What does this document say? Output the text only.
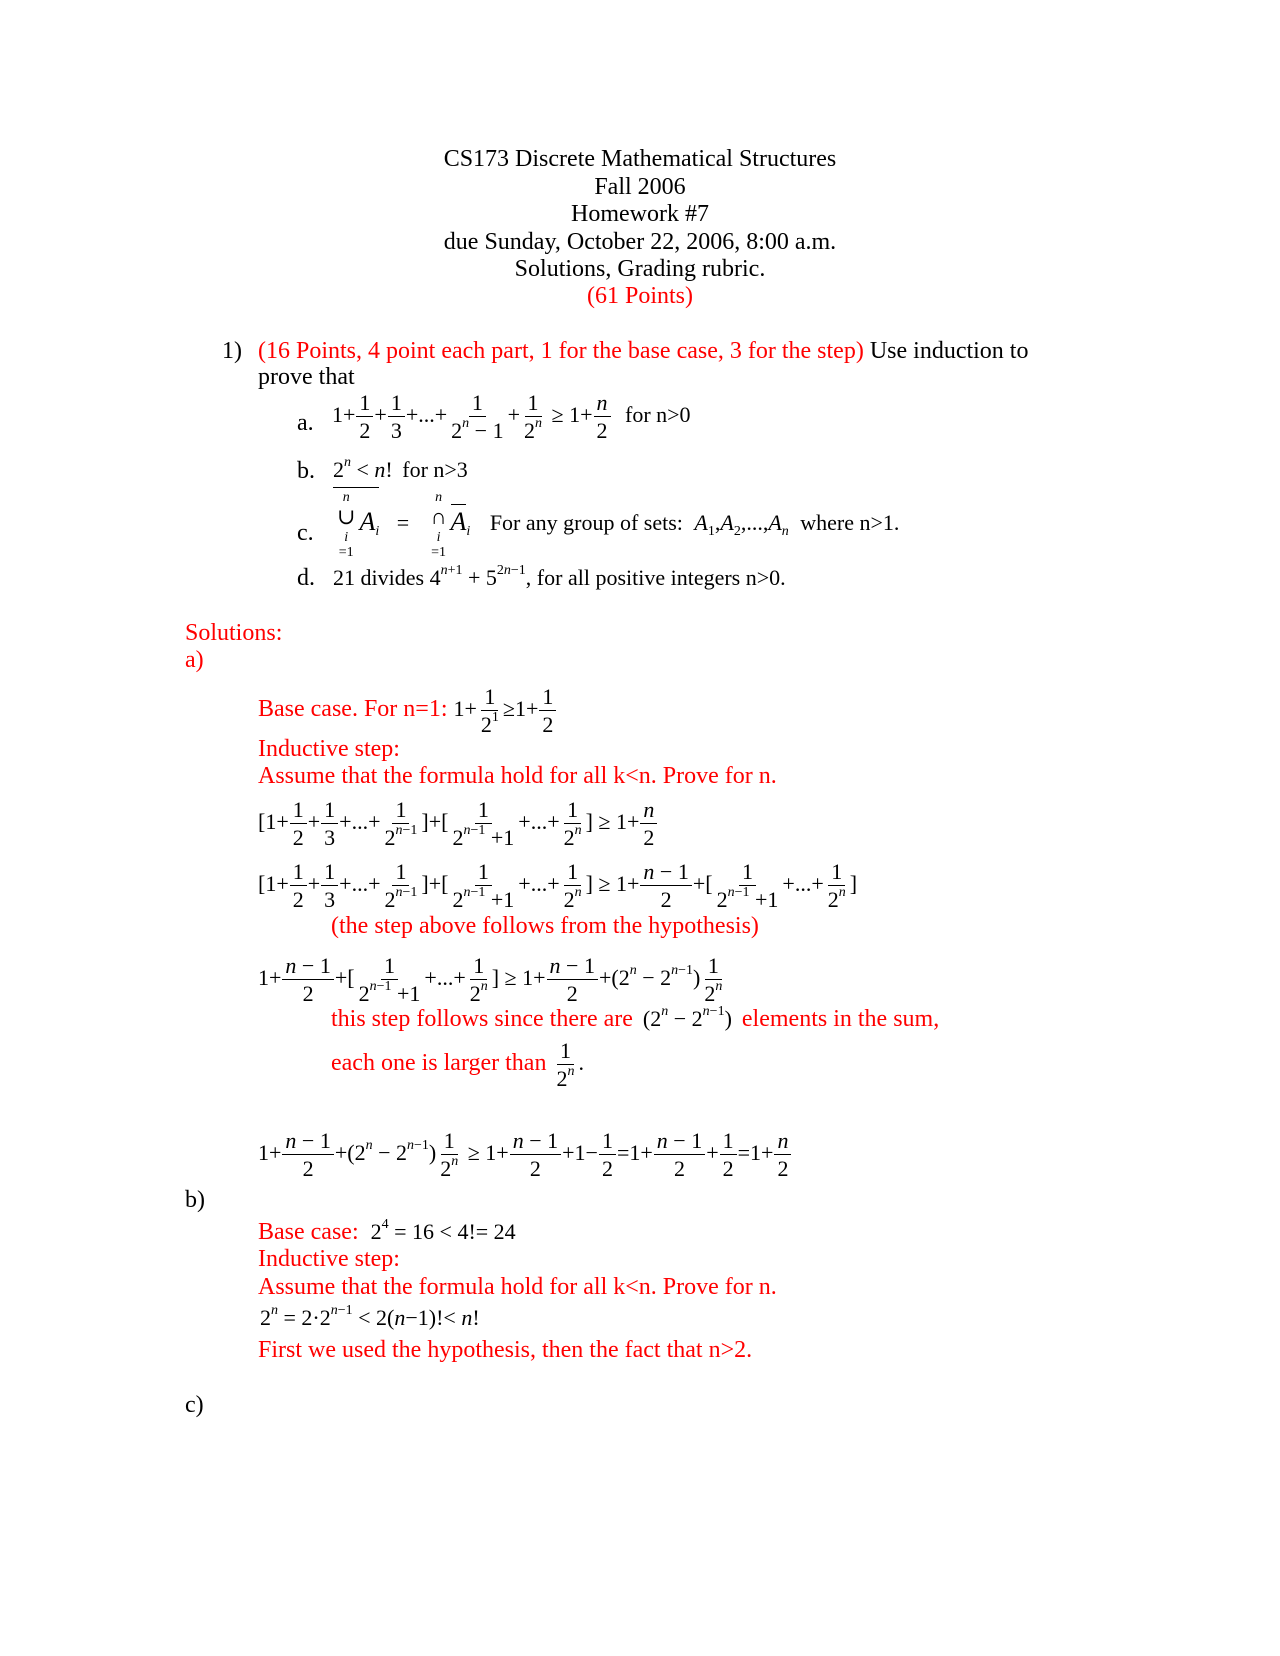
CS173 Discrete Mathematical Structures
Fall 2006
Homework #7
due Sunday, October 22, 2006, 8:00 a.m.
Solutions, Grading rubric.
(61 Points)
1) (16 Points, 4 point each part, 1 for the base case, 3 for the step) Use induction to
prove that
a. $1+ \frac{1}{2} + \frac{1}{3}$ +...+ $\frac{1}{2^n - 1} + \frac{1}{2^n} \ge 1+ \frac{n}{2}$ for n>0
b. $2^n < n$! for n>3
c.
n
∪
i
$=1A_i$ =
n
∩
i
$=1A_i$ For any group of sets: $A_1,A_2,...,A_n$ where n>1.
d. 21 divides $4^{n+1} + 5^{2n-1}$, for all positive integers n>0.
Solutions:
a)
Base case. For n=1: $1+ \frac{1}{2^1} \ge 1+ \frac{1}{2}$
Inductive step:
Assume that the formula hold for all k<n. Prove for n.
[$1+ \frac{1}{2} + \frac{1}{3}$ +...+ $\frac{1}{2^{n-1}}$ ]+[ $\frac{1}{2^{n-1} +1}$ +...+ $\frac{1}{2^n}$ ] ≥ $1+ \frac{n}{2}$
[$1+ \frac{1}{2} + \frac{1}{3}$ +...+ $\frac{1}{2^{n-1}}$ ]+[ $\frac{1}{2^{n-1} +1}$ +...+ $\frac{1}{2^n}$ ] ≥ $1+ \frac{n - 1}{2}$ +[ $\frac{1}{2^{n-1} +1}$ +...+ $\frac{1}{2^n}$ ]
(the step above follows from the hypothesis)
$1+ \frac{n - 1}{2}$ +[ $\frac{1}{2^{n-1} +1}$ +...+ $\frac{1}{2^n}$ ] ≥ $1+ \frac{n - 1}{2} +(2^n - 2^{n-1}) \frac{1}{2^n}$
this step follows since there are $(2^n - 2^{n-1})$ elements in the sum,
each one is larger than $\frac{1}{2^n}$ .
$1+ \frac{n - 1}{2} +(2^n - 2^{n-1}) \frac{1}{2^n} \ge 1+ \frac{n - 1}{2} +1- \frac{1}{2} =1+ \frac{n - 1}{2} + \frac{1}{2} =1+ \frac{n}{2}$
b)
Base case: $2^4 = 16 < 4!= 24$
Inductive step:
Assume that the formula hold for all k<n. Prove for n.
$2^n = 2\cdot 2^{n-1} < 2(n-1)!< n$!
First we used the hypothesis, then the fact that n>2.
c)
